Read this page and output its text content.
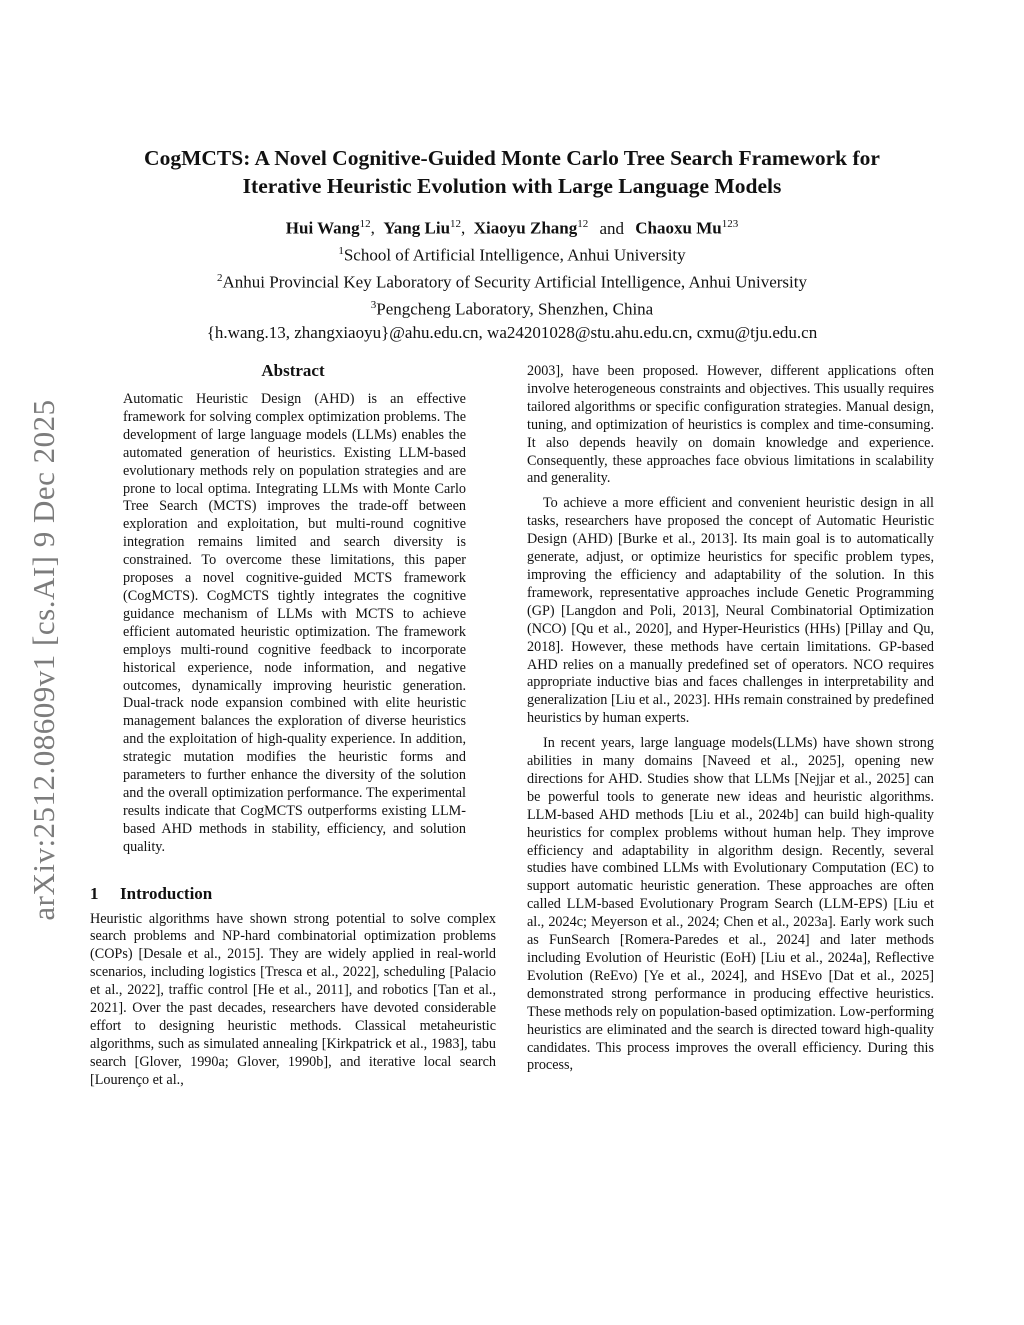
arXiv:2512.08609v1 [cs.AI] 9 Dec 2025
CogMCTS: A Novel Cognitive-Guided Monte Carlo Tree Search Framework for
Iterative Heuristic Evolution with Large Language Models
Hui Wang$^{12}$,  Yang Liu$^{12}$,  Xiaoyu Zhang$^{12}$ and Chaoxu Mu$^{123}$
$^1$School of Artificial Intelligence, Anhui University
$^2$Anhui Provincial Key Laboratory of Security Artificial Intelligence, Anhui University
$^3$Pengcheng Laboratory, Shenzhen, China
{h.wang.13, zhangxiaoyu}@ahu.edu.cn, wa24201028@stu.ahu.edu.cn, cxmu@tju.edu.cn
Abstract

Automatic Heuristic Design (AHD) is an effective framework for solving complex optimization problems. The development of large language models (LLMs) enables the automated generation of heuristics. Existing LLM-based evolutionary methods rely on population strategies and are prone to local optima. Integrating LLMs with Monte Carlo Tree Search (MCTS) improves the trade-off between exploration and exploitation, but multi-round cognitive integration remains limited and search diversity is constrained. To overcome these limitations, this paper proposes a novel cognitive-guided MCTS framework (CogMCTS). CogMCTS tightly integrates the cognitive guidance mechanism of LLMs with MCTS to achieve efficient automated heuristic optimization. The framework employs multi-round cognitive feedback to incorporate historical experience, node information, and negative outcomes, dynamically improving heuristic generation. Dual-track node expansion combined with elite heuristic management balances the exploration of diverse heuristics and the exploitation of high-quality experience. In addition, strategic mutation modifies the heuristic forms and parameters to further enhance the diversity of the solution and the overall optimization performance. The experimental results indicate that CogMCTS outperforms existing LLM-based AHD methods in stability, efficiency, and solution quality.

1 Introduction

Heuristic algorithms have shown strong potential to solve complex search problems and NP-hard combinatorial optimization problems (COPs) [Desale et al., 2015]. They are widely applied in real-world scenarios, including logistics [Tresca et al., 2022], scheduling [Palacio et al., 2022], traffic control [He et al., 2011], and robotics [Tan et al., 2021]. Over the past decades, researchers have devoted considerable effort to designing heuristic methods. Classical metaheuristic algorithms, such as simulated annealing [Kirkpatrick et al., 1983], tabu search [Glover, 1990a; Glover, 1990b], and iterative local search [Lourenço et al.,

2003], have been proposed. However, different applications often involve heterogeneous constraints and objectives. This usually requires tailored algorithms or specific configuration strategies. Manual design, tuning, and optimization of heuristics is complex and time-consuming. It also depends heavily on domain knowledge and experience. Consequently, these approaches face obvious limitations in scalability and generality.

To achieve a more efficient and convenient heuristic design in all tasks, researchers have proposed the concept of Automatic Heuristic Design (AHD) [Burke et al., 2013]. Its main goal is to automatically generate, adjust, or optimize heuristics for specific problem types, improving the efficiency and adaptability of the solution. In this framework, representative approaches include Genetic Programming (GP) [Langdon and Poli, 2013], Neural Combinatorial Optimization (NCO) [Qu et al., 2020], and Hyper-Heuristics (HHs) [Pillay and Qu, 2018]. However, these methods have certain limitations. GP-based AHD relies on a manually predefined set of operators. NCO requires appropriate inductive bias and faces challenges in interpretability and generalization [Liu et al., 2023]. HHs remain constrained by predefined heuristics by human experts.

In recent years, large language models(LLMs) have shown strong abilities in many domains [Naveed et al., 2025], opening new directions for AHD. Studies show that LLMs [Nejjar et al., 2025] can be powerful tools to generate new ideas and heuristic algorithms. LLM-based AHD methods [Liu et al., 2024b] can build high-quality heuristics for complex problems without human help. They improve efficiency and adaptability in algorithm design. Recently, several studies have combined LLMs with Evolutionary Computation (EC) to support automatic heuristic generation. These approaches are often called LLM-based Evolutionary Program Search (LLM-EPS) [Liu et al., 2024c; Meyerson et al., 2024; Chen et al., 2023a]. Early work such as FunSearch [Romera-Paredes et al., 2024] and later methods including Evolution of Heuristic (EoH) [Liu et al., 2024a], Reflective Evolution (ReEvo) [Ye et al., 2024], and HSEvo [Dat et al., 2025] demonstrated strong performance in producing effective heuristics. These methods rely on population-based optimization. Low-performing heuristics are eliminated and the search is directed toward high-quality candidates. This process improves the overall efficiency. During this process,
